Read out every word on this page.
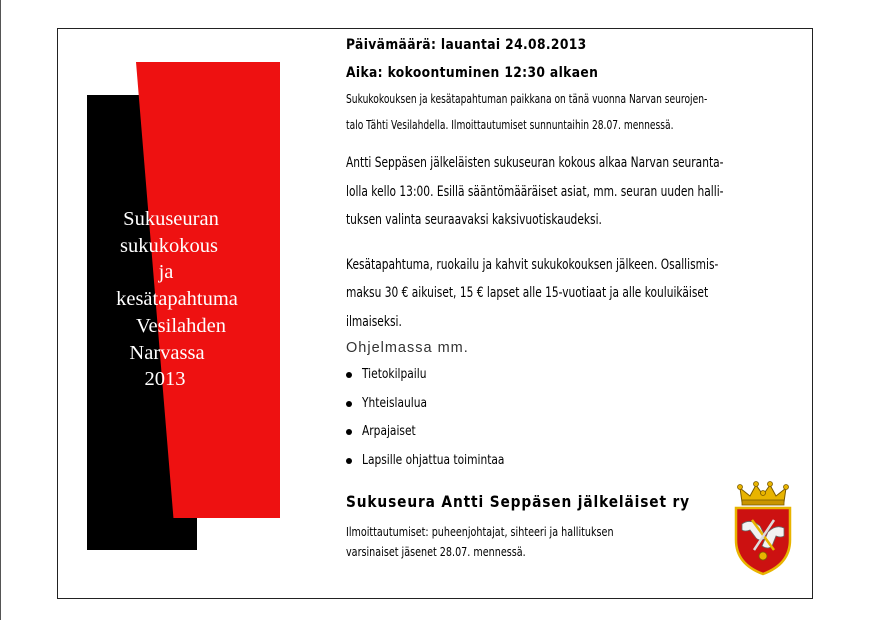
Sukuseuran
sukukokous
ja
kesätapahtuma
Vesilahden
Narvassa
2013
Päivämäärä: lauantai 24.08.2013
Aika: kokoontuminen 12:30 alkaen
Sukukokouksen ja kesätapahtuman paikkana on tänä vuonna Narvan seurojen-
talo Tähti Vesilahdella. Ilmoittautumiset sunnuntaihin 28.07. mennessä.
Antti Seppäsen jälkeläisten sukuseuran kokous alkaa Narvan seuranta-
lolla kello 13:00. Esillä sääntömääräiset asiat, mm. seuran uuden halli-
tuksen valinta seuraavaksi kaksivuotiskaudeksi.
Kesätapahtuma, ruokailu ja kahvit sukukokouksen jälkeen. Osallismis-
maksu 30 € aikuiset, 15 € lapset alle 15-vuotiaat ja alle kouluikäiset
ilmaiseksi.
Ohjelmassa mm.
Tietokilpailu
Yhteislaulua
Arpajaiset
Lapsille ohjattua toimintaa
Sukuseura Antti Seppäsen jälkeläiset ry
Ilmoittautumiset: puheenjohtajat, sihteeri ja hallituksen
varsinaiset jäsenet 28.07. mennessä.
